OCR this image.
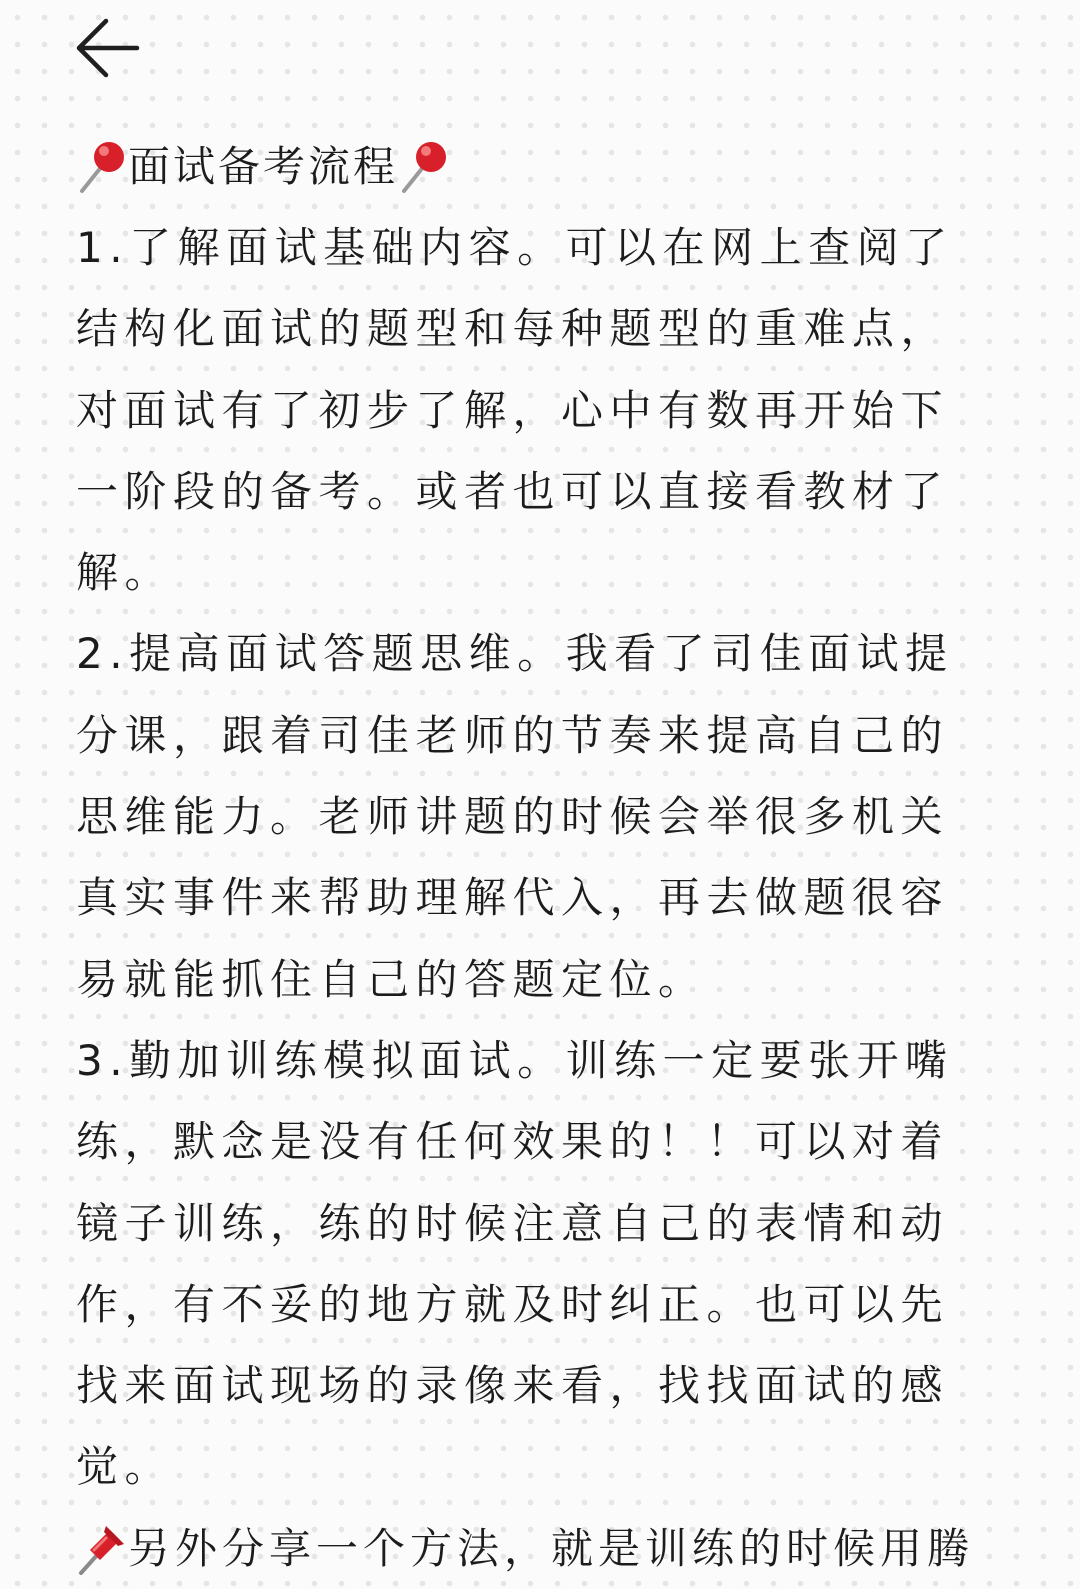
面试备考流程

1.了解面试基础内容。可以在网上查阅了结构化面试的题型和每种题型的重难点，对面试有了初步了解，心中有数再开始下一阶段的备考。或者也可以直接看教材了解。

2.提高面试答题思维。我看了司佳面试提分课，跟着司佳老师的节奏来提高自己的思维能力。老师讲题的时候会举很多机关真实事件来帮助理解代入，再去做题很容易就能抓住自己的答题定位。

3.勤加训练模拟面试。训练一定要张开嘴练，默念是没有任何效果的！！可以对着镜子训练，练的时候注意自己的表情和动作，有不妥的地方就及时纠正。也可以先找来面试现场的录像来看，找找面试的感觉。

另外分享一个方法，就是训练的时候用腾
